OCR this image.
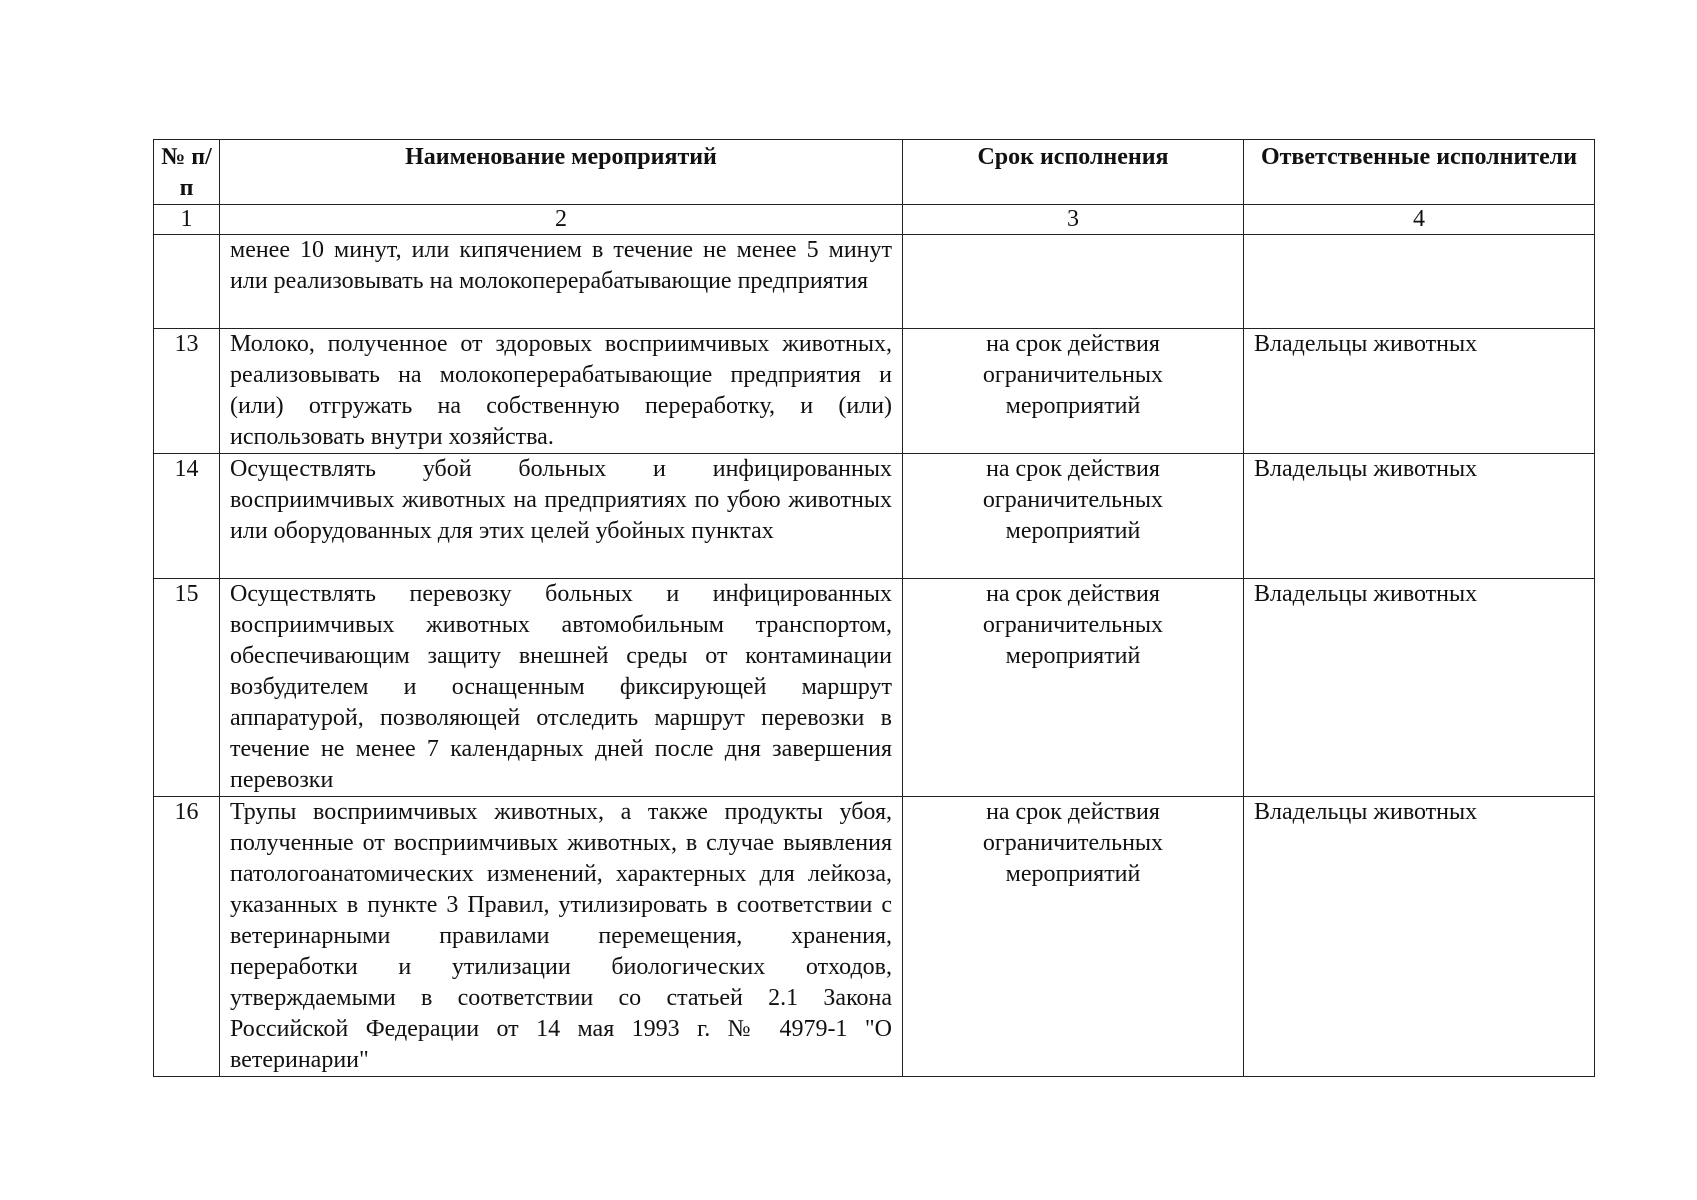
№ п/п	Наименование мероприятий	Срок исполнения	Ответственные исполнители
1	2	3	4
	менее 10 минут, или кипячением в течение не менее 5 минут или реализовывать на молокоперерабатывающие предприятия		
13	Молоко, полученное от здоровых восприимчивых животных, реализовывать на молокоперерабатывающие предприятия и (или) отгружать на собственную переработку, и (или) использовать внутри хозяйства.	на срок действия ограничительных мероприятий	Владельцы животных
14	Осуществлять убой больных и инфицированных восприимчивых животных на предприятиях по убою животных или оборудованных для этих целей убойных пунктах	на срок действия ограничительных мероприятий	Владельцы животных
15	Осуществлять перевозку больных и инфицированных восприимчивых животных автомобильным транспортом, обеспечивающим защиту внешней среды от контаминации возбудителем и оснащенным фиксирующей маршрут аппаратурой, позволяющей отследить маршрут перевозки в течение не менее 7 календарных дней после дня завершения перевозки	на срок действия ограничительных мероприятий	Владельцы животных
16	Трупы восприимчивых животных, а также продукты убоя, полученные от восприимчивых животных, в случае выявления патологоанатомических изменений, характерных для лейкоза, указанных в пункте 3 Правил, утилизировать в соответствии с ветеринарными правилами перемещения, хранения, переработки и утилизации биологических отходов, утверждаемыми в соответствии со статьей 2.1 Закона Российской Федерации от 14 мая 1993 г. № 4979-1 "О ветеринарии"	на срок действия ограничительных мероприятий	Владельцы животных
